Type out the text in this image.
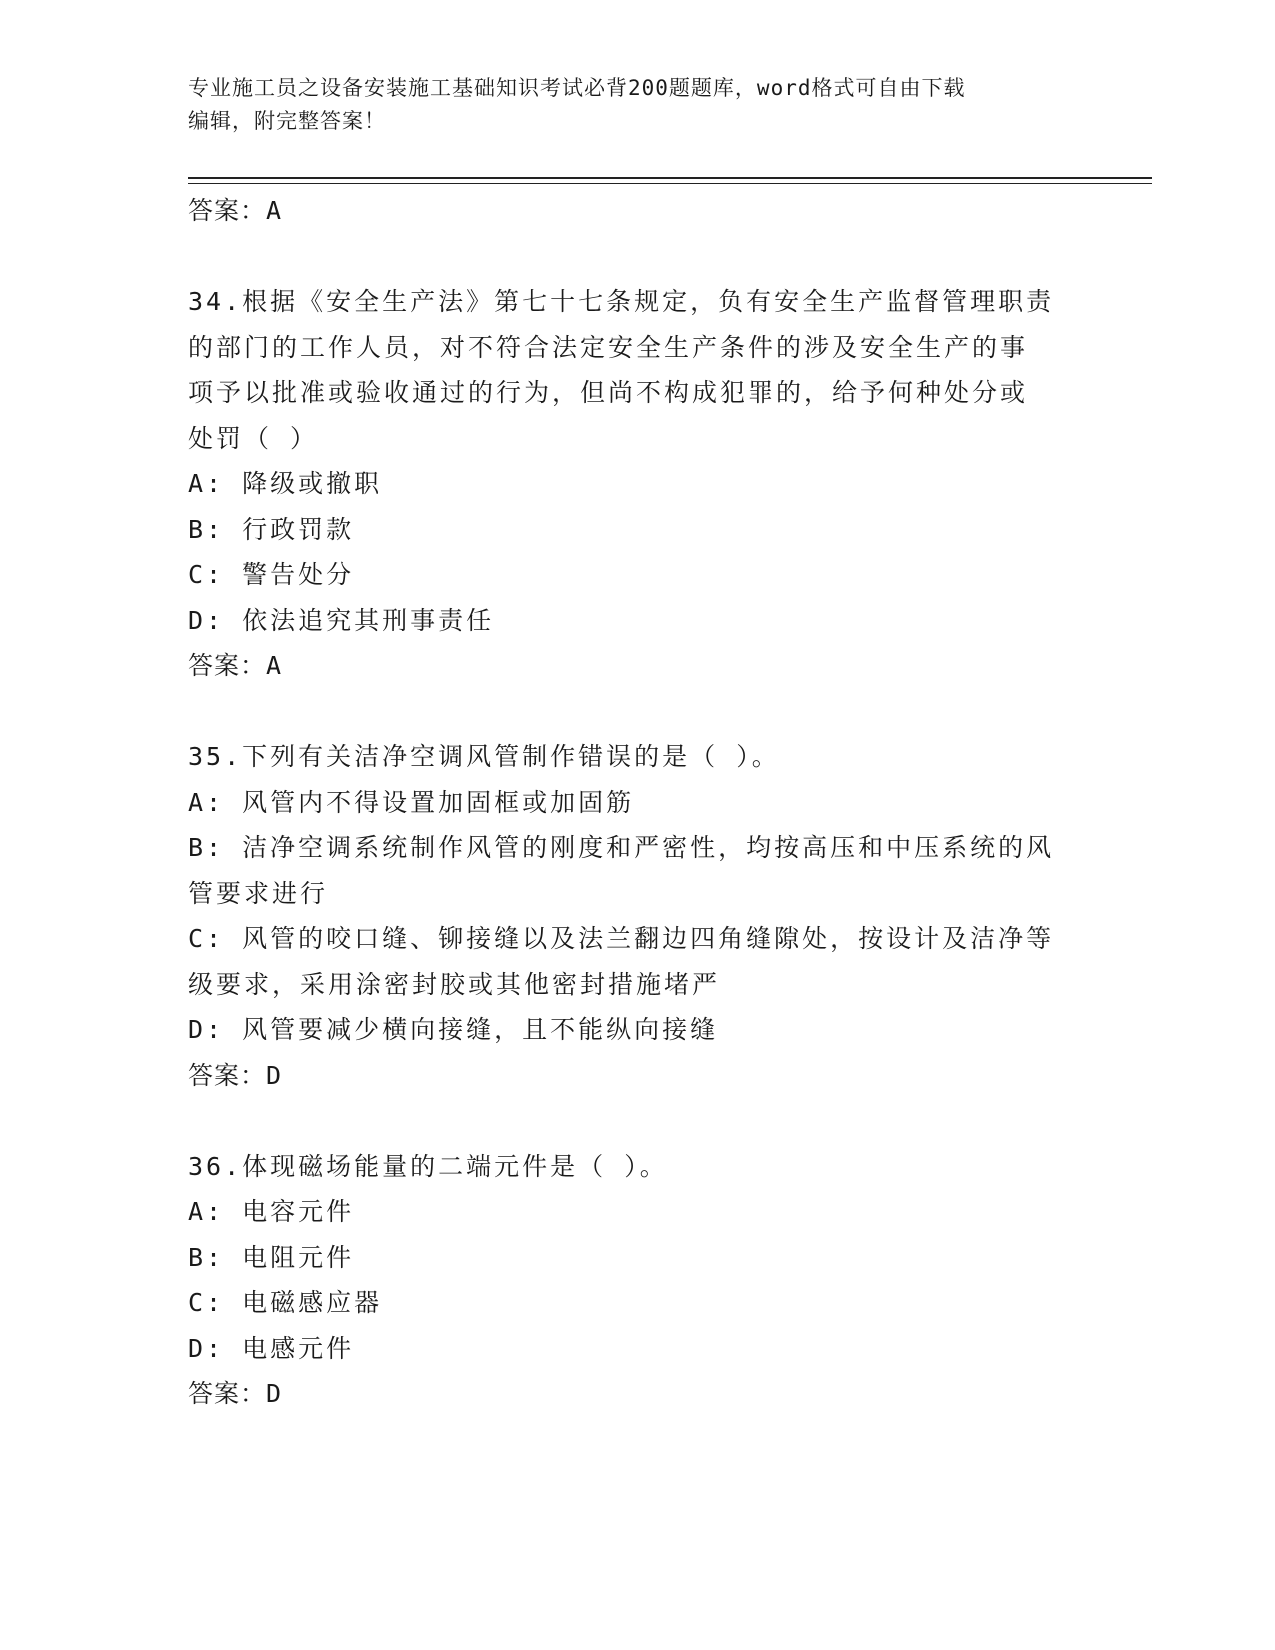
专业施工员之设备安装施工基础知识考试必背200题题库，word格式可自由下载
编辑，附完整答案！
答案：A
34.根据《安全生产法》第七十七条规定，负有安全生产监督管理职责
的部门的工作人员，对不符合法定安全生产条件的涉及安全生产的事
项予以批准或验收通过的行为，但尚不构成犯罪的，给予何种处分或
处罚（ ）
A: 降级或撤职
B: 行政罚款
C: 警告处分
D: 依法追究其刑事责任
答案：A
35.下列有关洁净空调风管制作错误的是（ ）。
A: 风管内不得设置加固框或加固筋
B: 洁净空调系统制作风管的刚度和严密性，均按高压和中压系统的风
管要求进行
C: 风管的咬口缝、铆接缝以及法兰翻边四角缝隙处，按设计及洁净等
级要求，采用涂密封胶或其他密封措施堵严
D: 风管要减少横向接缝，且不能纵向接缝
答案：D
36.体现磁场能量的二端元件是（ ）。
A: 电容元件
B: 电阻元件
C: 电磁感应器
D: 电感元件
答案：D
